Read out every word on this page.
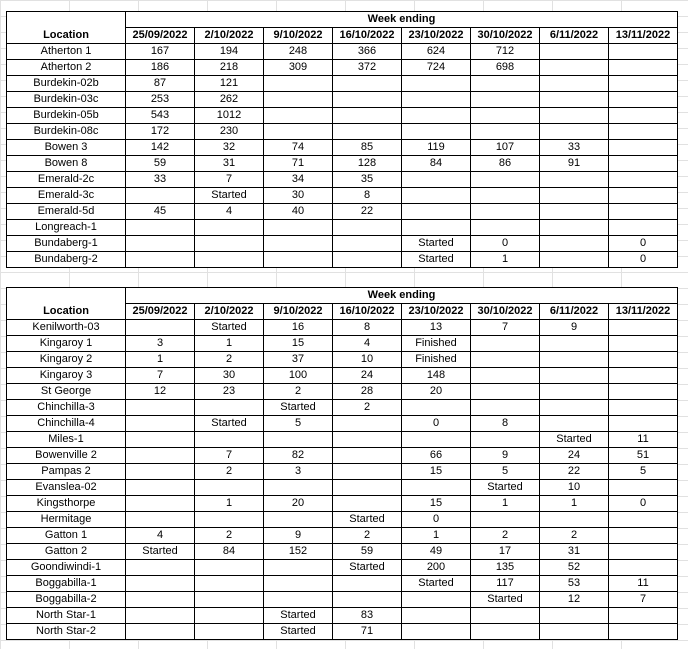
	Week ending							
Location	25/09/2022	2/10/2022	9/10/2022	16/10/2022	23/10/2022	30/10/2022	6/11/2022	13/11/2022
Atherton 1	167	194	248	366	624	712		
Atherton 2	186	218	309	372	724	698		
Burdekin-02b	87	121						
Burdekin-03c	253	262						
Burdekin-05b	543	1012						
Burdekin-08c	172	230						
Bowen 3	142	32	74	85	119	107	33	
Bowen 8	59	31	71	128	84	86	91	
Emerald-2c	33	7	34	35				
Emerald-3c		Started	30	8				
Emerald-5d	45	4	40	22				
Longreach-1								
Bundaberg-1					Started	0		0
Bundaberg-2					Started	1		0
	Week ending							
Location	25/09/2022	2/10/2022	9/10/2022	16/10/2022	23/10/2022	30/10/2022	6/11/2022	13/11/2022
Kenilworth-03		Started	16	8	13	7	9	
Kingaroy 1	3	1	15	4	Finished			
Kingaroy 2	1	2	37	10	Finished			
Kingaroy 3	7	30	100	24	148			
St George	12	23	2	28	20			
Chinchilla-3			Started	2				
Chinchilla-4		Started	5		0	8		
Miles-1							Started	11
Bowenville 2		7	82		66	9	24	51
Pampas 2		2	3		15	5	22	5
Evanslea-02						Started	10	
Kingsthorpe		1	20		15	1	1	0
Hermitage				Started	0			
Gatton 1	4	2	9	2	1	2	2	
Gatton 2	Started	84	152	59	49	17	31	
Goondiwindi-1				Started	200	135	52	
Boggabilla-1					Started	117	53	11
Boggabilla-2						Started	12	7
North Star-1			Started	83				
North Star-2			Started	71				
